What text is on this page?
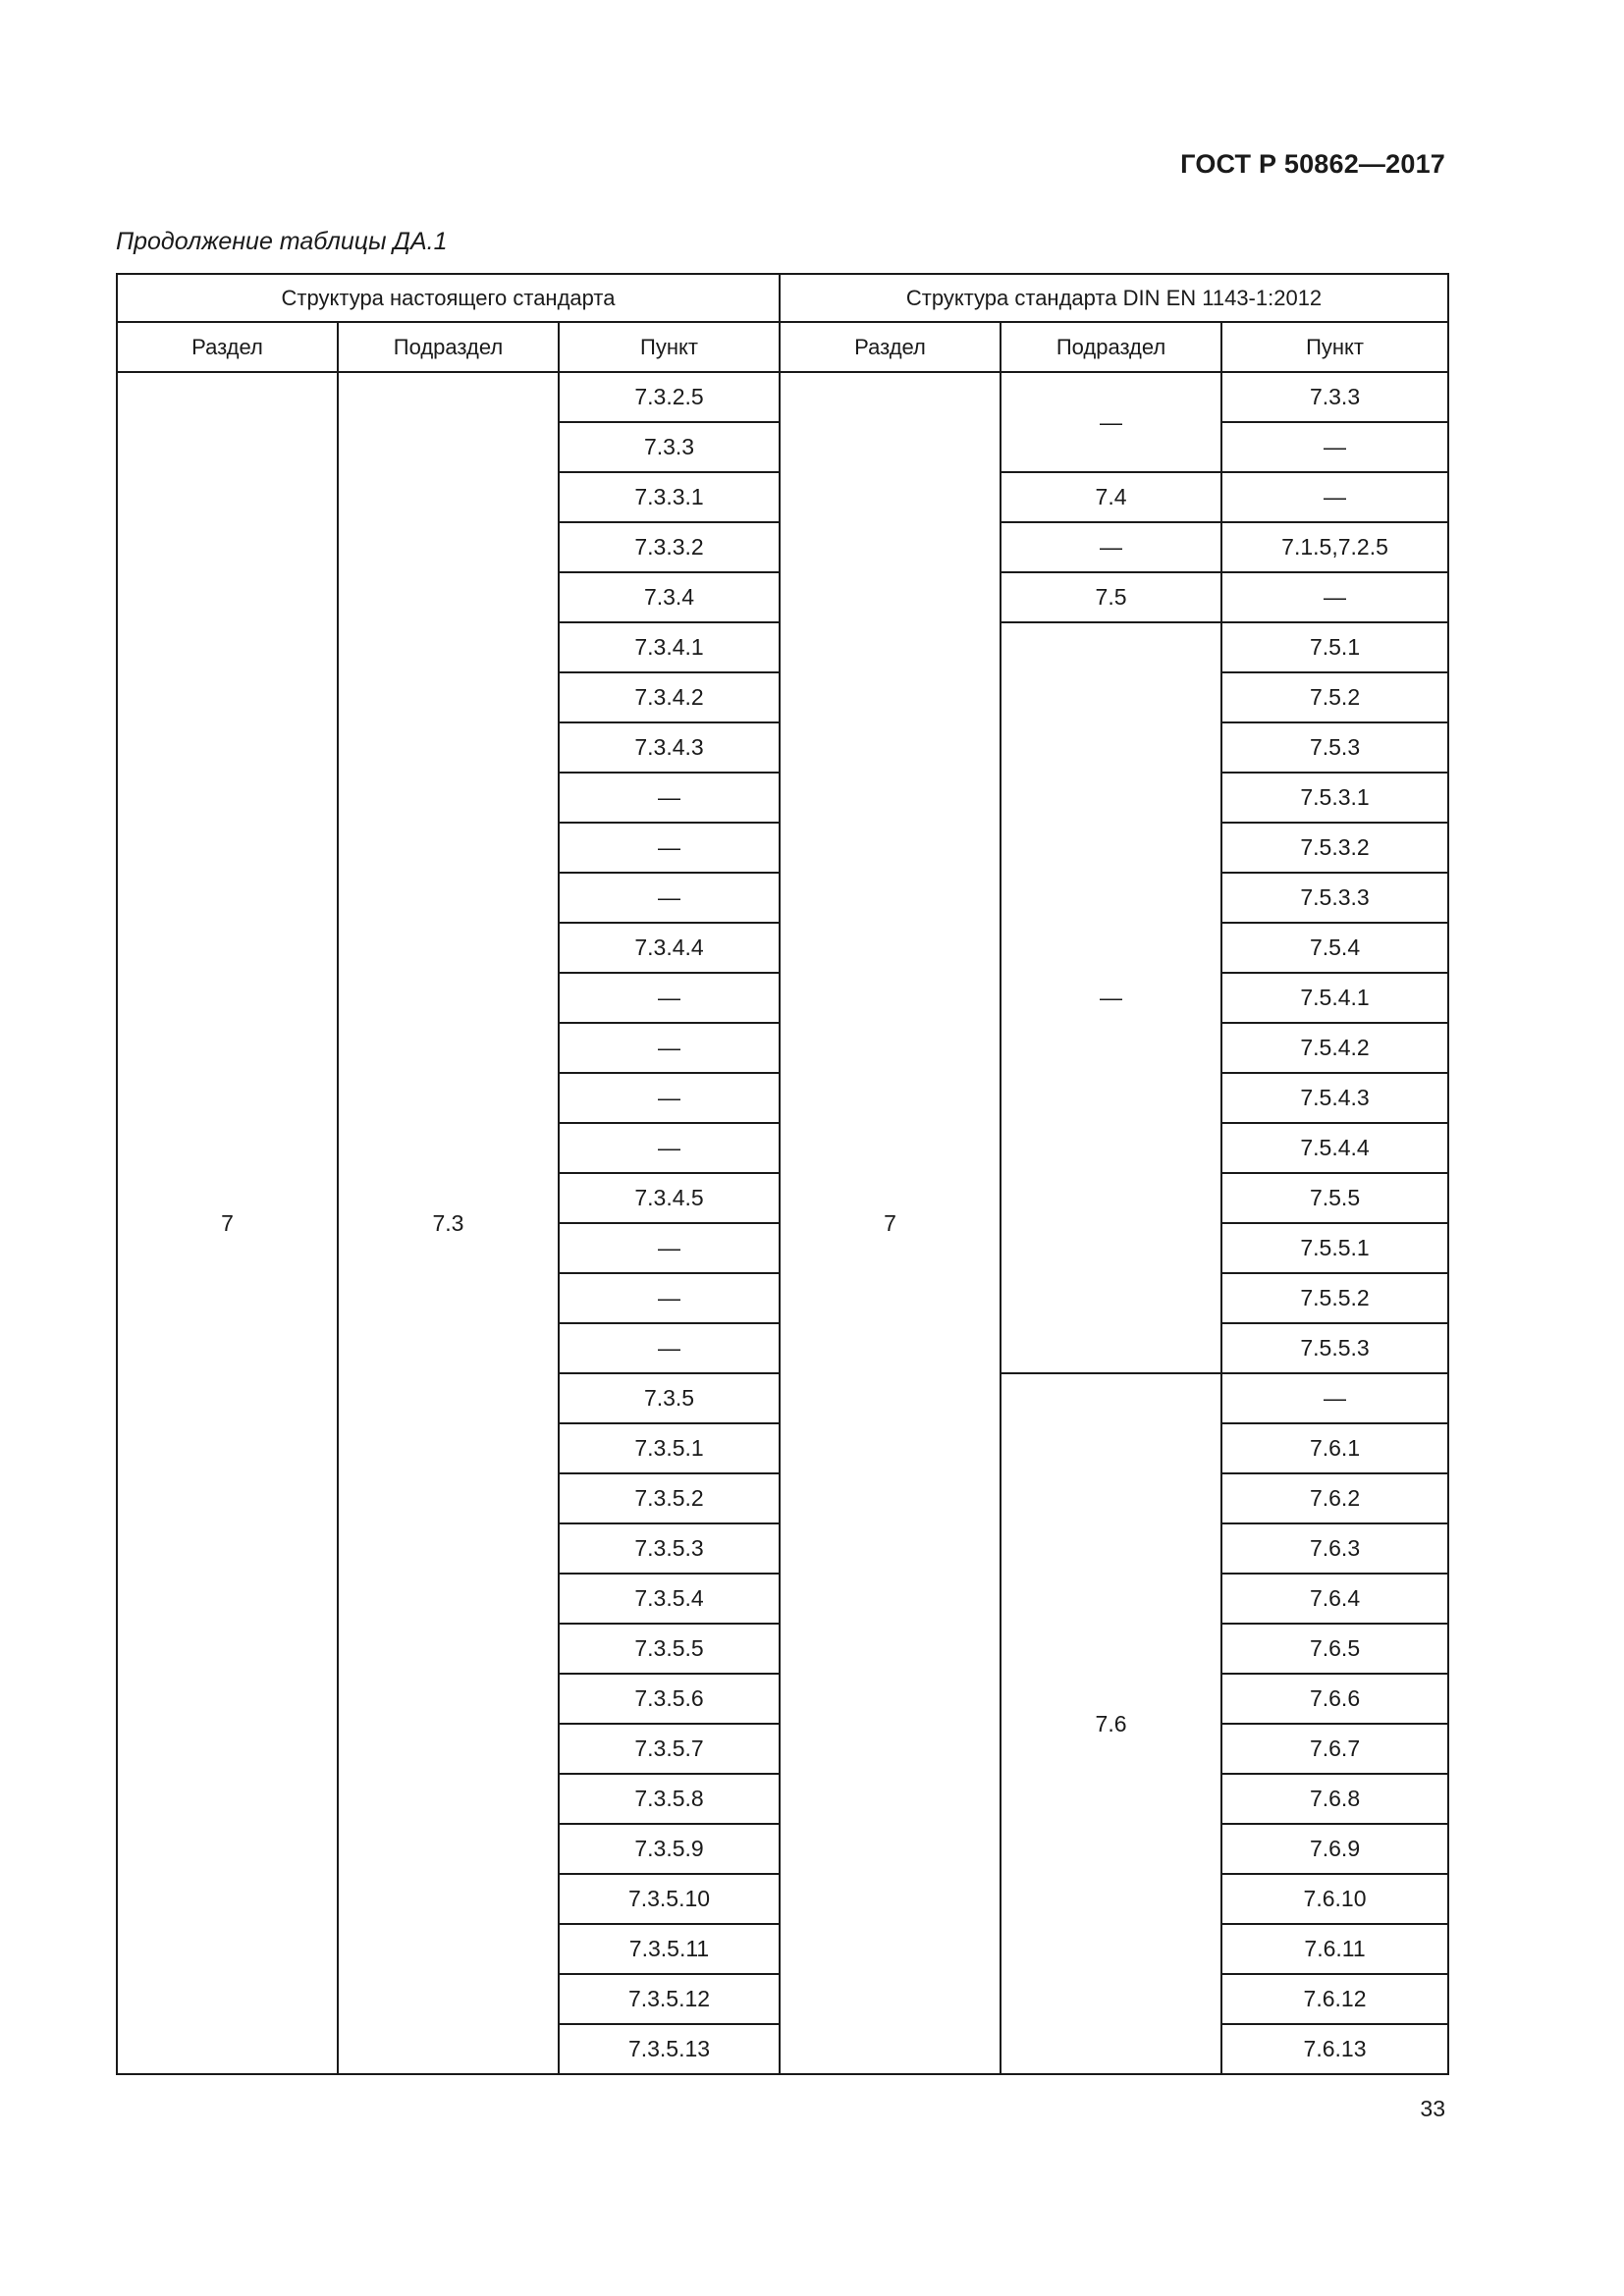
ГОСТ Р 50862—2017
Продолжение таблицы ДА.1
Структура настоящего стандарта			Структура стандарта DIN EN 1143-1:2012		
Раздел	Подраздел	Пункт	Раздел	Подраздел	Пункт
7	7.3	7.3.2.5	7	—	7.3.3
		7.3.3			—
		7.3.3.1		7.4	—
		7.3.3.2		—	7.1.5,7.2.5
		7.3.4		7.5	—
		7.3.4.1		—	7.5.1
		7.3.4.2			7.5.2
		7.3.4.3			7.5.3
		—			7.5.3.1
		—			7.5.3.2
		—			7.5.3.3
		7.3.4.4			7.5.4
		—			7.5.4.1
		—			7.5.4.2
		—			7.5.4.3
		—			7.5.4.4
		7.3.4.5			7.5.5
		—			7.5.5.1
		—			7.5.5.2
		—			7.5.5.3
		7.3.5		7.6	—
		7.3.5.1			7.6.1
		7.3.5.2			7.6.2
		7.3.5.3			7.6.3
		7.3.5.4			7.6.4
		7.3.5.5			7.6.5
		7.3.5.6			7.6.6
		7.3.5.7			7.6.7
		7.3.5.8			7.6.8
		7.3.5.9			7.6.9
		7.3.5.10			7.6.10
		7.3.5.11			7.6.11
		7.3.5.12			7.6.12
		7.3.5.13			7.6.13
33
